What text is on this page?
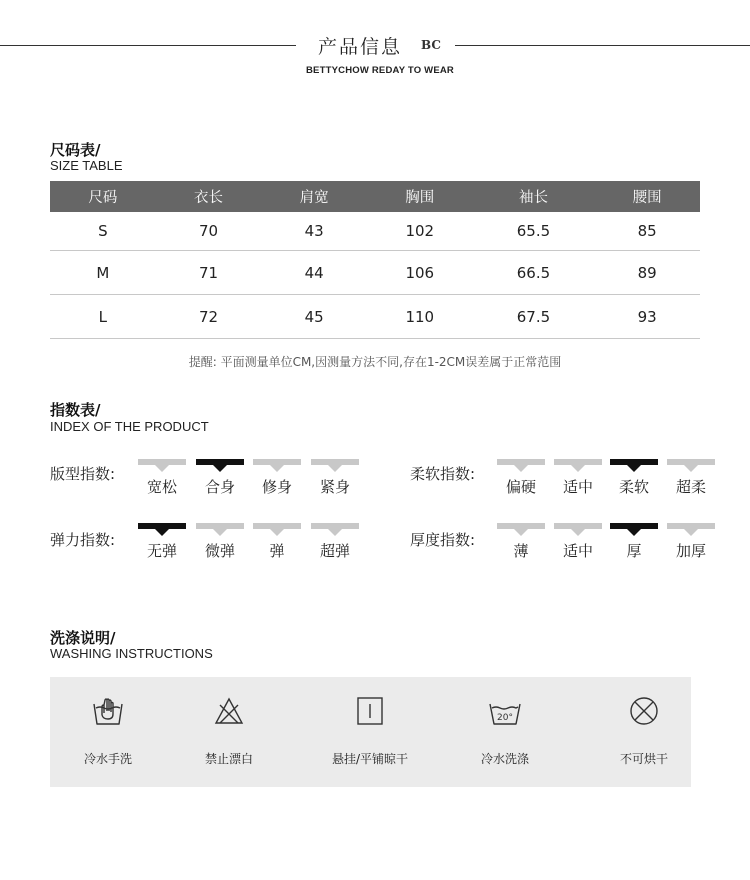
产品信息 BC
BETTYCHOW REDAY TO WEAR
尺码表/
SIZE TABLE
尺码	衣长	肩宽	胸围	袖长	腰围
S	70	43	102	65.5	85
M	71	44	106	66.5	89
L	72	45	110	67.5	93
提醒: 平面测量单位CM,因测量方法不同,存在1-2CM误差属于正常范围
指数表/
INDEX OF THE PRODUCT
版型指数:
宽松	合身	修身	紧身
柔软指数:
偏硬	适中	柔软	超柔
弹力指数:
无弹	微弹	弹	超弹
厚度指数:
薄	适中	厚	加厚
洗涤说明/
WASHING INSTRUCTIONS
冷水手洗	禁止漂白	悬挂/平铺晾干
20°
冷水洗涤	不可烘干
